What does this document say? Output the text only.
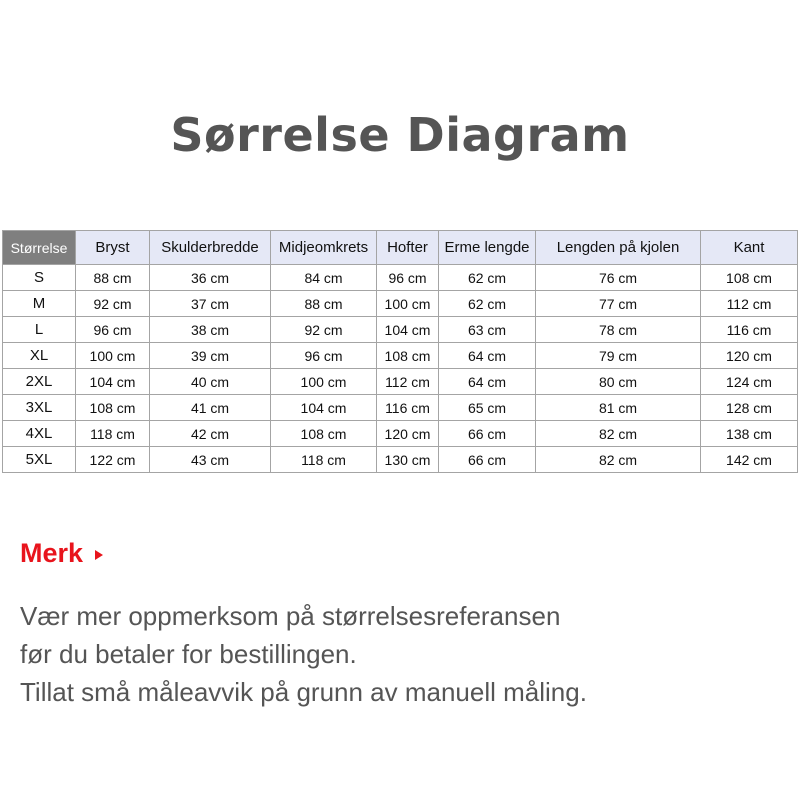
Sørrelse Diagram
Størrelse	Bryst	Skulderbredde	Midjeomkrets	Hofter	Erme lengde	Lengden på kjolen	Kant
S	88 cm	36 cm	84 cm	96 cm	62 cm	76 cm	108 cm
M	92 cm	37 cm	88 cm	100 cm	62 cm	77 cm	112 cm
L	96 cm	38 cm	92 cm	104 cm	63 cm	78 cm	116 cm
XL	100 cm	39 cm	96 cm	108 cm	64 cm	79 cm	120 cm
2XL	104 cm	40 cm	100 cm	112 cm	64 cm	80 cm	124 cm
3XL	108 cm	41 cm	104 cm	116 cm	65 cm	81 cm	128 cm
4XL	118 cm	42 cm	108 cm	120 cm	66 cm	82 cm	138 cm
5XL	122 cm	43 cm	118 cm	130 cm	66 cm	82 cm	142 cm
Merk
Vær mer oppmerksom på størrelsesreferansen
før du betaler for bestillingen.
Tillat små måleavvik på grunn av manuell måling.
